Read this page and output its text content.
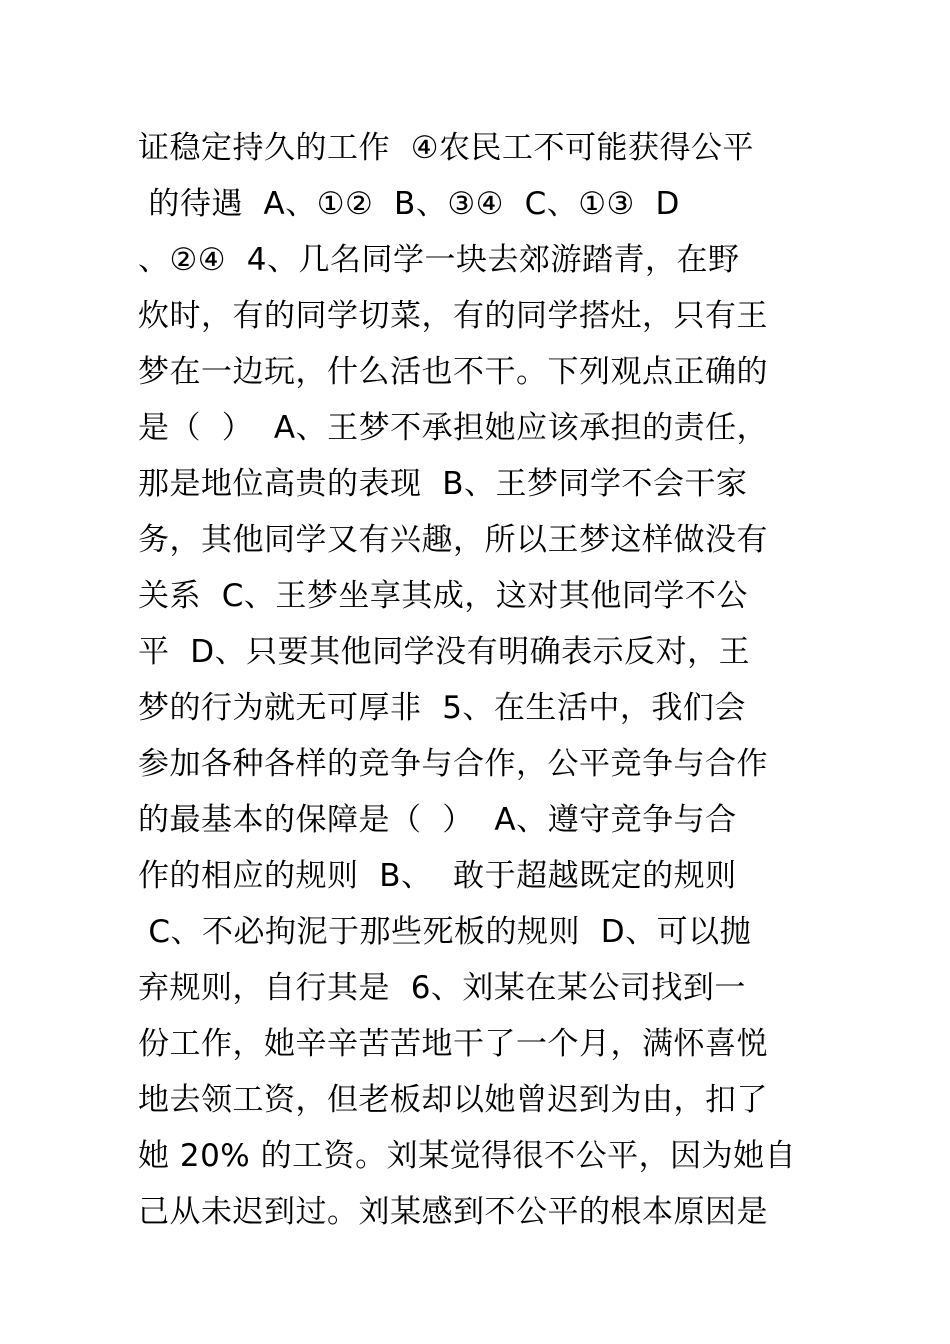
证稳定持久的工作  ④农民工不可能获得公平
的待遇  A、①②  B、③④  C、①③  D
、②④  4、几名同学一块去郊游踏青，在野
炊时，有的同学切菜，有的同学搭灶，只有王
梦在一边玩，什么活也不干。下列观点正确的
是（  ）  A、王梦不承担她应该承担的责任，
那是地位高贵的表现  B、王梦同学不会干家
务，其他同学又有兴趣，所以王梦这样做没有
关系  C、王梦坐享其成，这对其他同学不公
平  D、只要其他同学没有明确表示反对，王
梦的行为就无可厚非  5、在生活中，我们会
参加各种各样的竞争与合作，公平竞争与合作
的最基本的保障是（  ）  A、遵守竞争与合
作的相应的规则  B、  敢于超越既定的规则
C、不必拘泥于那些死板的规则  D、可以抛
弃规则，自行其是  6、刘某在某公司找到一
份工作，她辛辛苦苦地干了一个月，满怀喜悦
地去领工资，但老板却以她曾迟到为由，扣了
她 20% 的工资。刘某觉得很不公平，因为她自
己从未迟到过。刘某感到不公平的根本原因是
